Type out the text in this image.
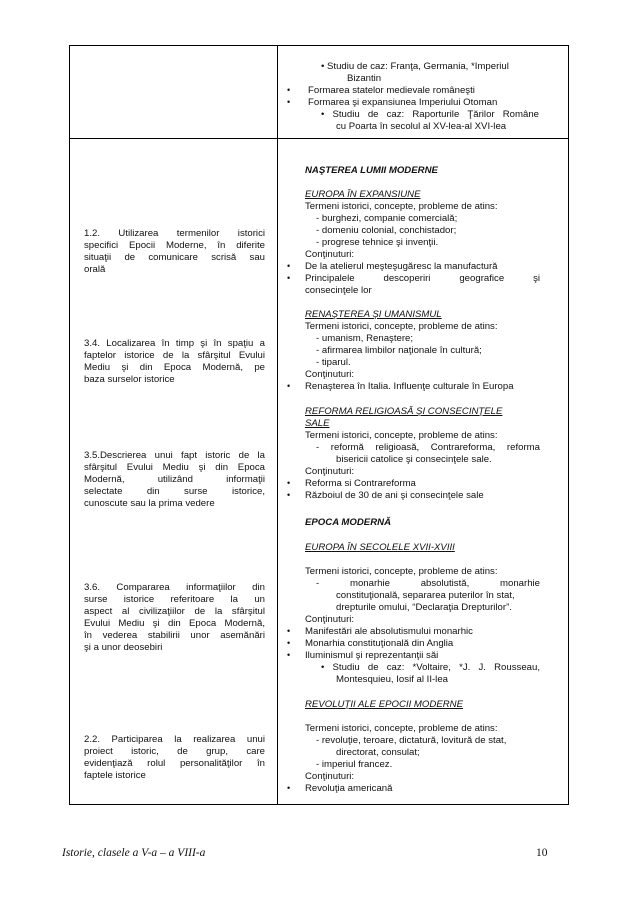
• Studiu de caz: Franţa, Germania, *Imperiul
Bizantin
• Formarea statelor medievale româneşti
• Formarea şi expansiunea Imperiului Otoman
• Studiu de caz: Raporturile Ţărilor Române
cu Poarta în secolul al XV-lea-al XVI-lea
1.2. Utilizarea termenilor istorici
specifici Epocii Moderne, în diferite
situaţii de comunicare scrisă sau
orală
3.4. Localizarea în timp şi în spaţiu a
faptelor istorice de la sfârşitul Evului
Mediu şi din Epoca Modernă, pe
baza surselor istorice
3.5.Descrierea unui fapt istoric de la
sfârşitul Evului Mediu şi din Epoca
Modernă, utilizând informaţii
selectate din surse istorice,
cunoscute sau la prima vedere
3.6. Compararea informaţiilor din
surse istorice referitoare la un
aspect al civilizaţiilor de la sfârşitul
Evului Mediu şi din Epoca Modernă,
în vederea stabilirii unor asemănări
şi a unor deosebiri
2.2. Participarea la realizarea unui
proiect istoric, de grup, care
evidenţiază rolul personalităţilor în
faptele istorice
NAŞTEREA LUMII MODERNE
EUROPA ÎN EXPANSIUNE
Termeni istorici, concepte, probleme de atins:
- burghezi, companie comercială;
- domeniu colonial, conchistador;
- progrese tehnice şi invenţii.
Conţinuturi:
• De la atelierul meşteşugăresc la manufactură
• Principalele descoperiri geografice şi
consecinţele lor
RENAŞTEREA ŞI UMANISMUL
Termeni istorici, concepte, probleme de atins:
- umanism, Renaştere;
- afirmarea limbilor naţionale în cultură;
- tiparul.
Conţinuturi:
• Renaşterea în Italia. Influenţe culturale în Europa
REFORMA RELIGIOASĂ ŞI CONSECINŢELE
SALE
Termeni istorici, concepte, probleme de atins:
- reformă religioasă, Contrareforma, reforma
bisericii catolice şi consecinţele sale.
Conţinuturi:
• Reforma si Contrareforma
• Războiul de 30 de ani şi consecinţele sale
EPOCA MODERNĂ
EUROPA ÎN SECOLELE XVII-XVIII
Termeni istorici, concepte, probleme de atins:
- monarhie absolutistă, monarhie
constituţională, separarea puterilor în stat,
drepturile omului, “Declaraţia Drepturilor”.
Conţinuturi:
• Manifestări ale absolutismului monarhic
• Monarhia constituţională din Anglia
• Iluminismul şi reprezentanţii săi
• Studiu de caz: *Voltaire, *J. J. Rousseau,
Montesquieu, Iosif al II-lea
REVOLUŢII ALE EPOCII MODERNE
Termeni istorici, concepte, probleme de atins:
- revoluţie, teroare, dictatură, lovitură de stat,
directorat, consulat;
- imperiul francez.
Conţinuturi:
• Revoluţia americană
Istorie, clasele a V-a – a VIII-a	10
